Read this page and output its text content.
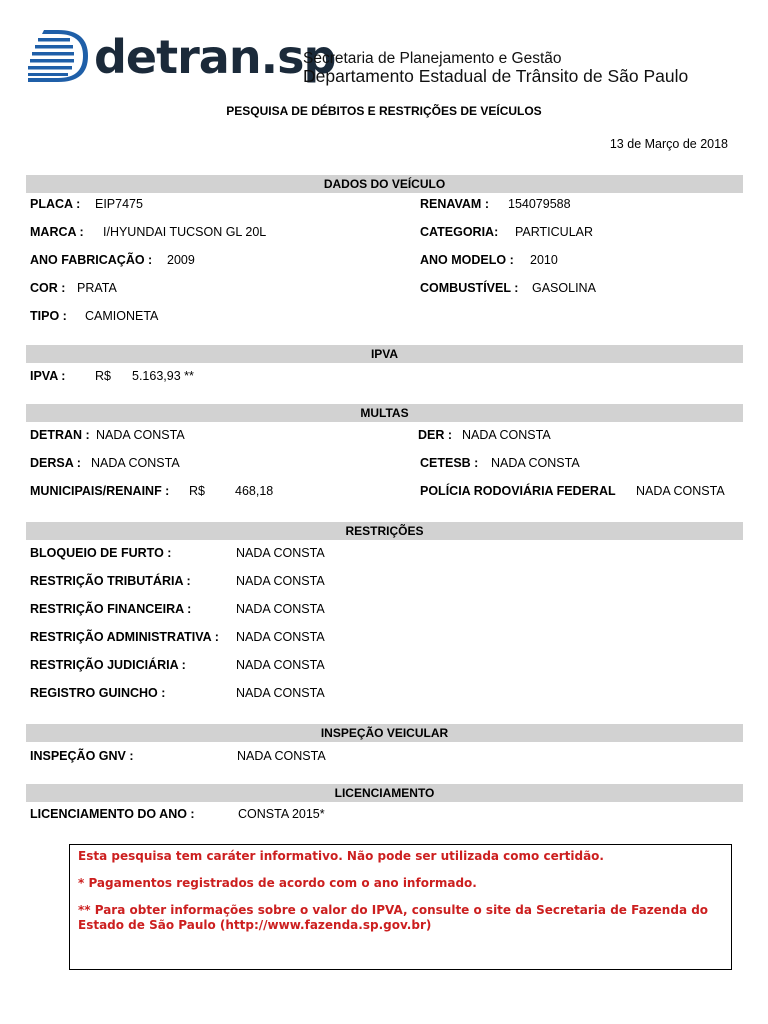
detran.sp
Secretaria de Planejamento e Gestão
Departamento Estadual de Trânsito de São Paulo
PESQUISA DE DÉBITOS E RESTRIÇÕES DE VEÍCULOS
13 de Março de 2018
DADOS DO VEÍCULO
PLACA : EIP7475	RENAVAM : 154079588
MARCA : I/HYUNDAI TUCSON GL 20L	CATEGORIA: PARTICULAR
ANO FABRICAÇÃO : 2009	ANO MODELO : 2010
COR : PRATA	COMBUSTÍVEL : GASOLINA
TIPO : CAMIONETA
IPVA
IPVA : R$ 5.163,93 **
MULTAS
DETRAN : NADA CONSTA	DER : NADA CONSTA
DERSA : NADA CONSTA	CETESB : NADA CONSTA
MUNICIPAIS/RENAINF : R$ 468,18	POLÍCIA RODOVIÁRIA FEDERAL NADA CONSTA
RESTRIÇÕES
BLOQUEIO DE FURTO :	NADA CONSTA
RESTRIÇÃO TRIBUTÁRIA :	NADA CONSTA
RESTRIÇÃO FINANCEIRA :	NADA CONSTA
RESTRIÇÃO ADMINISTRATIVA : NADA CONSTA
RESTRIÇÃO JUDICIÁRIA :	NADA CONSTA
REGISTRO GUINCHO :	NADA CONSTA
INSPEÇÃO VEICULAR
INSPEÇÃO GNV :	NADA CONSTA
LICENCIAMENTO
LICENCIAMENTO DO ANO :	CONSTA 2015*

Esta pesquisa tem caráter informativo. Não pode ser utilizada como certidão.

* Pagamentos registrados de acordo com o ano informado.

** Para obter informações sobre o valor do IPVA, consulte o site da Secretaria de Fazenda do Estado de São Paulo (http://www.fazenda.sp.gov.br)
